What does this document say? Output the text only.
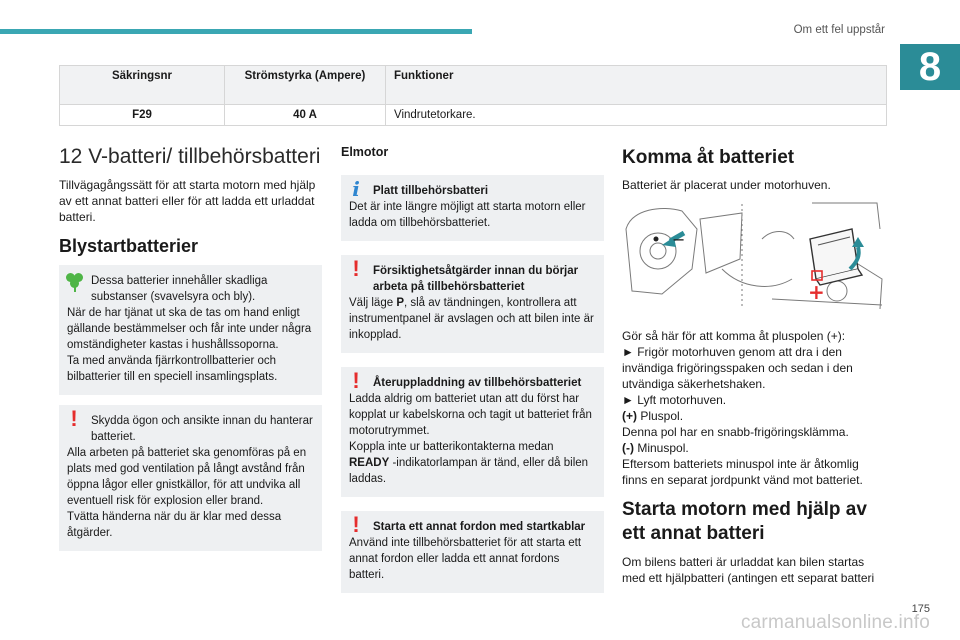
Om ett fel uppstår
8
Säkringsnr	Strömstyrka (Ampere)	Funktioner
F29	40 A	Vindrutetorkare.
12 V-batteri/ tillbehörsbatteri

Tillvägagångssätt för att starta motorn med hjälp av ett annat batteri eller för att ladda ett urladdat batteri.

Blystartbatterier
Dessa batterier innehåller skadliga substanser (svavelsyra och bly).
När de har tjänat ut ska de tas om hand enligt gällande bestämmelser och får inte under några omständigheter kastas i hushållssoporna.
Ta med använda fjärrkontrollbatterier och bilbatterier till en speciell insamlingsplats.
!	Skydda ögon och ansikte innan du hanterar batteriet.
Alla arbeten på batteriet ska genomföras på en plats med god ventilation på långt avstånd från öppna lågor eller gnistkällor, för att undvika all eventuell risk för explosion eller brand.
Tvätta händerna när du är klar med dessa åtgärder.
Elmotor
i	Platt tillbehörsbatteri
Det är inte längre möjligt att starta motorn eller ladda om tillbehörsbatteriet.
!	Försiktighetsåtgärder innan du börjar arbeta på tillbehörsbatteriet
Välj läge P, slå av tändningen, kontrollera att instrumentpanel är avslagen och att bilen inte är inkopplad.
!	Återuppladdning av tillbehörsbatteriet
Ladda aldrig om batteriet utan att du först har kopplat ur kabelskorna och tagit ut batteriet från motorutrymmet.
Koppla inte ur batterikontakterna medan READY -indikatorlampan är tänd, eller då bilen laddas.
!	Starta ett annat fordon med startkablar
Använd inte tillbehörsbatteriet för att starta ett annat fordon eller ladda ett annat fordons batteri.
Komma åt batteriet

Batteriet är placerat under motorhuven.

−
+

Gör så här för att komma åt pluspolen (+):

► Frigör motorhuven genom att dra i den invändiga frigöringsspaken och sedan i den utvändiga säkerhetshaken.

► Lyft motorhuven.

(+) Pluspol.

Denna pol har en snabb-frigöringsklämma.

(-) Minuspol.

Eftersom batteriets minuspol inte är åtkomlig finns en separat jordpunkt vänd mot batteriet.

Starta motorn med hjälp av ett annat batteri

Om bilens batteri är urladdat kan bilen startas med ett hjälpbatteri (antingen ett separat batteri

carmanualsonline.info
175
